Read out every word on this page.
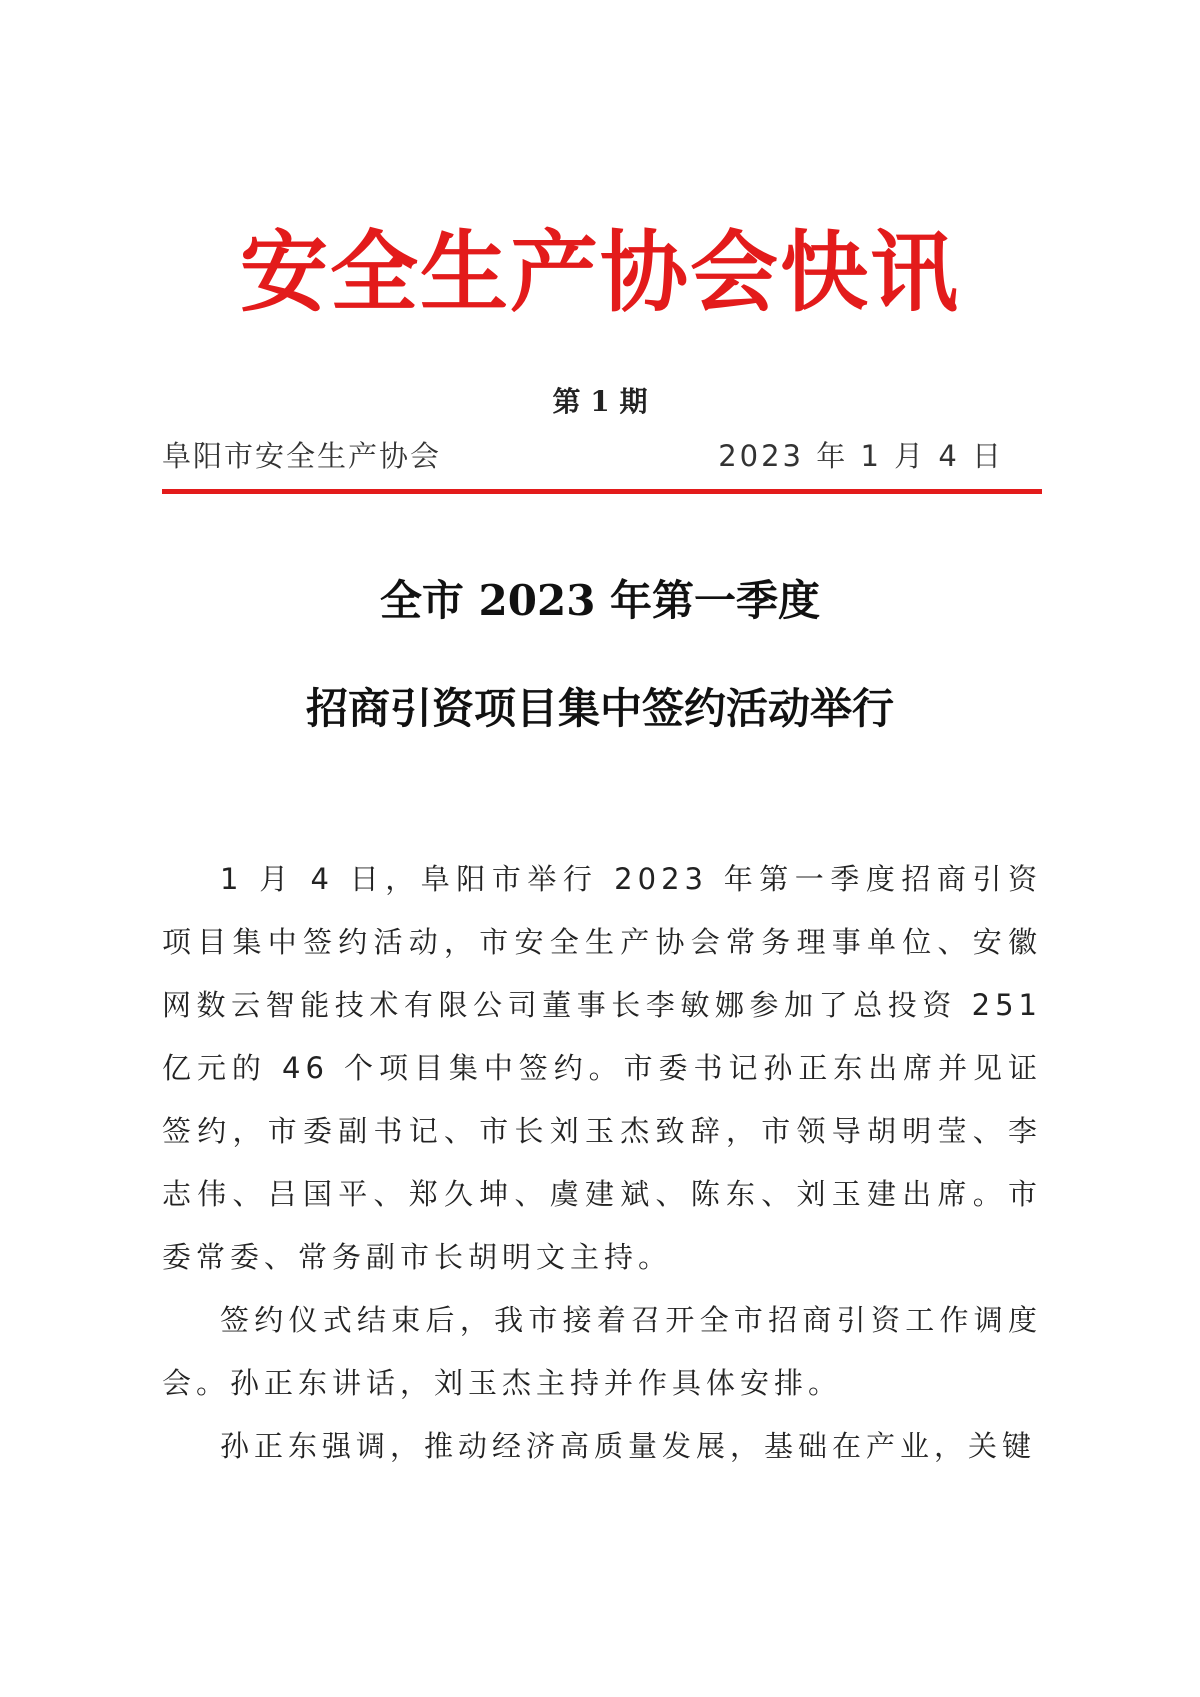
安全生产协会快讯
第 1 期
阜阳市安全生产协会	2023 年 1 月 4 日
全市 2023 年第一季度
招商引资项目集中签约活动举行

1 月 4 日，阜阳市举行 2023 年第一季度招商引资项目集中签约活动，市安全生产协会常务理事单位、安徽网数云智能技术有限公司董事长李敏娜参加了总投资 251 亿元的 46 个项目集中签约。市委书记孙正东出席并见证签约，市委副书记、市长刘玉杰致辞，市领导胡明莹、李志伟、吕国平、郑久坤、虞建斌、陈东、刘玉建出席。市委常委、常务副市长胡明文主持。

签约仪式结束后，我市接着召开全市招商引资工作调度会。孙正东讲话，刘玉杰主持并作具体安排。

孙正东强调，推动经济高质量发展，基础在产业，关键
